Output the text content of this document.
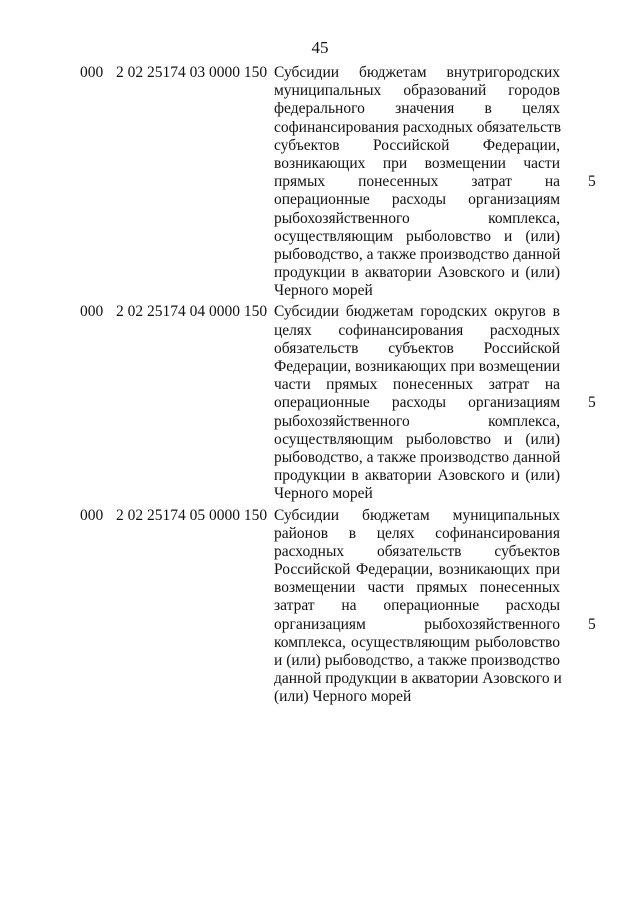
45
000 2 02 25174 03 0000 150 Субсидии бюджетам внутригородских
муниципальных образований городов
федерального значения в целях
софинансирования расходных обязательств
субъектов Российской Федерации,
возникающих при возмещении части
прямых понесенных затрат на
операционные расходы организациям
рыбохозяйственного комплекса,
осуществляющим рыболовство и (или)
рыбоводство, а также производство данной
продукции в акватории Азовского и (или)
Черного морей
5
000 2 02 25174 04 0000 150 Субсидии бюджетам городских округов в
целях софинансирования расходных
обязательств субъектов Российской
Федерации, возникающих при возмещении
части прямых понесенных затрат на
операционные расходы организациям
рыбохозяйственного комплекса,
осуществляющим рыболовство и (или)
рыбоводство, а также производство данной
продукции в акватории Азовского и (или)
Черного морей
5
000 2 02 25174 05 0000 150 Субсидии бюджетам муниципальных
районов в целях софинансирования
расходных обязательств субъектов
Российской Федерации, возникающих при
возмещении части прямых понесенных
затрат на операционные расходы
организациям рыбохозяйственного
комплекса, осуществляющим рыболовство
и (или) рыбоводство, а также производство
данной продукции в акватории Азовского и
(или) Черного морей
5
